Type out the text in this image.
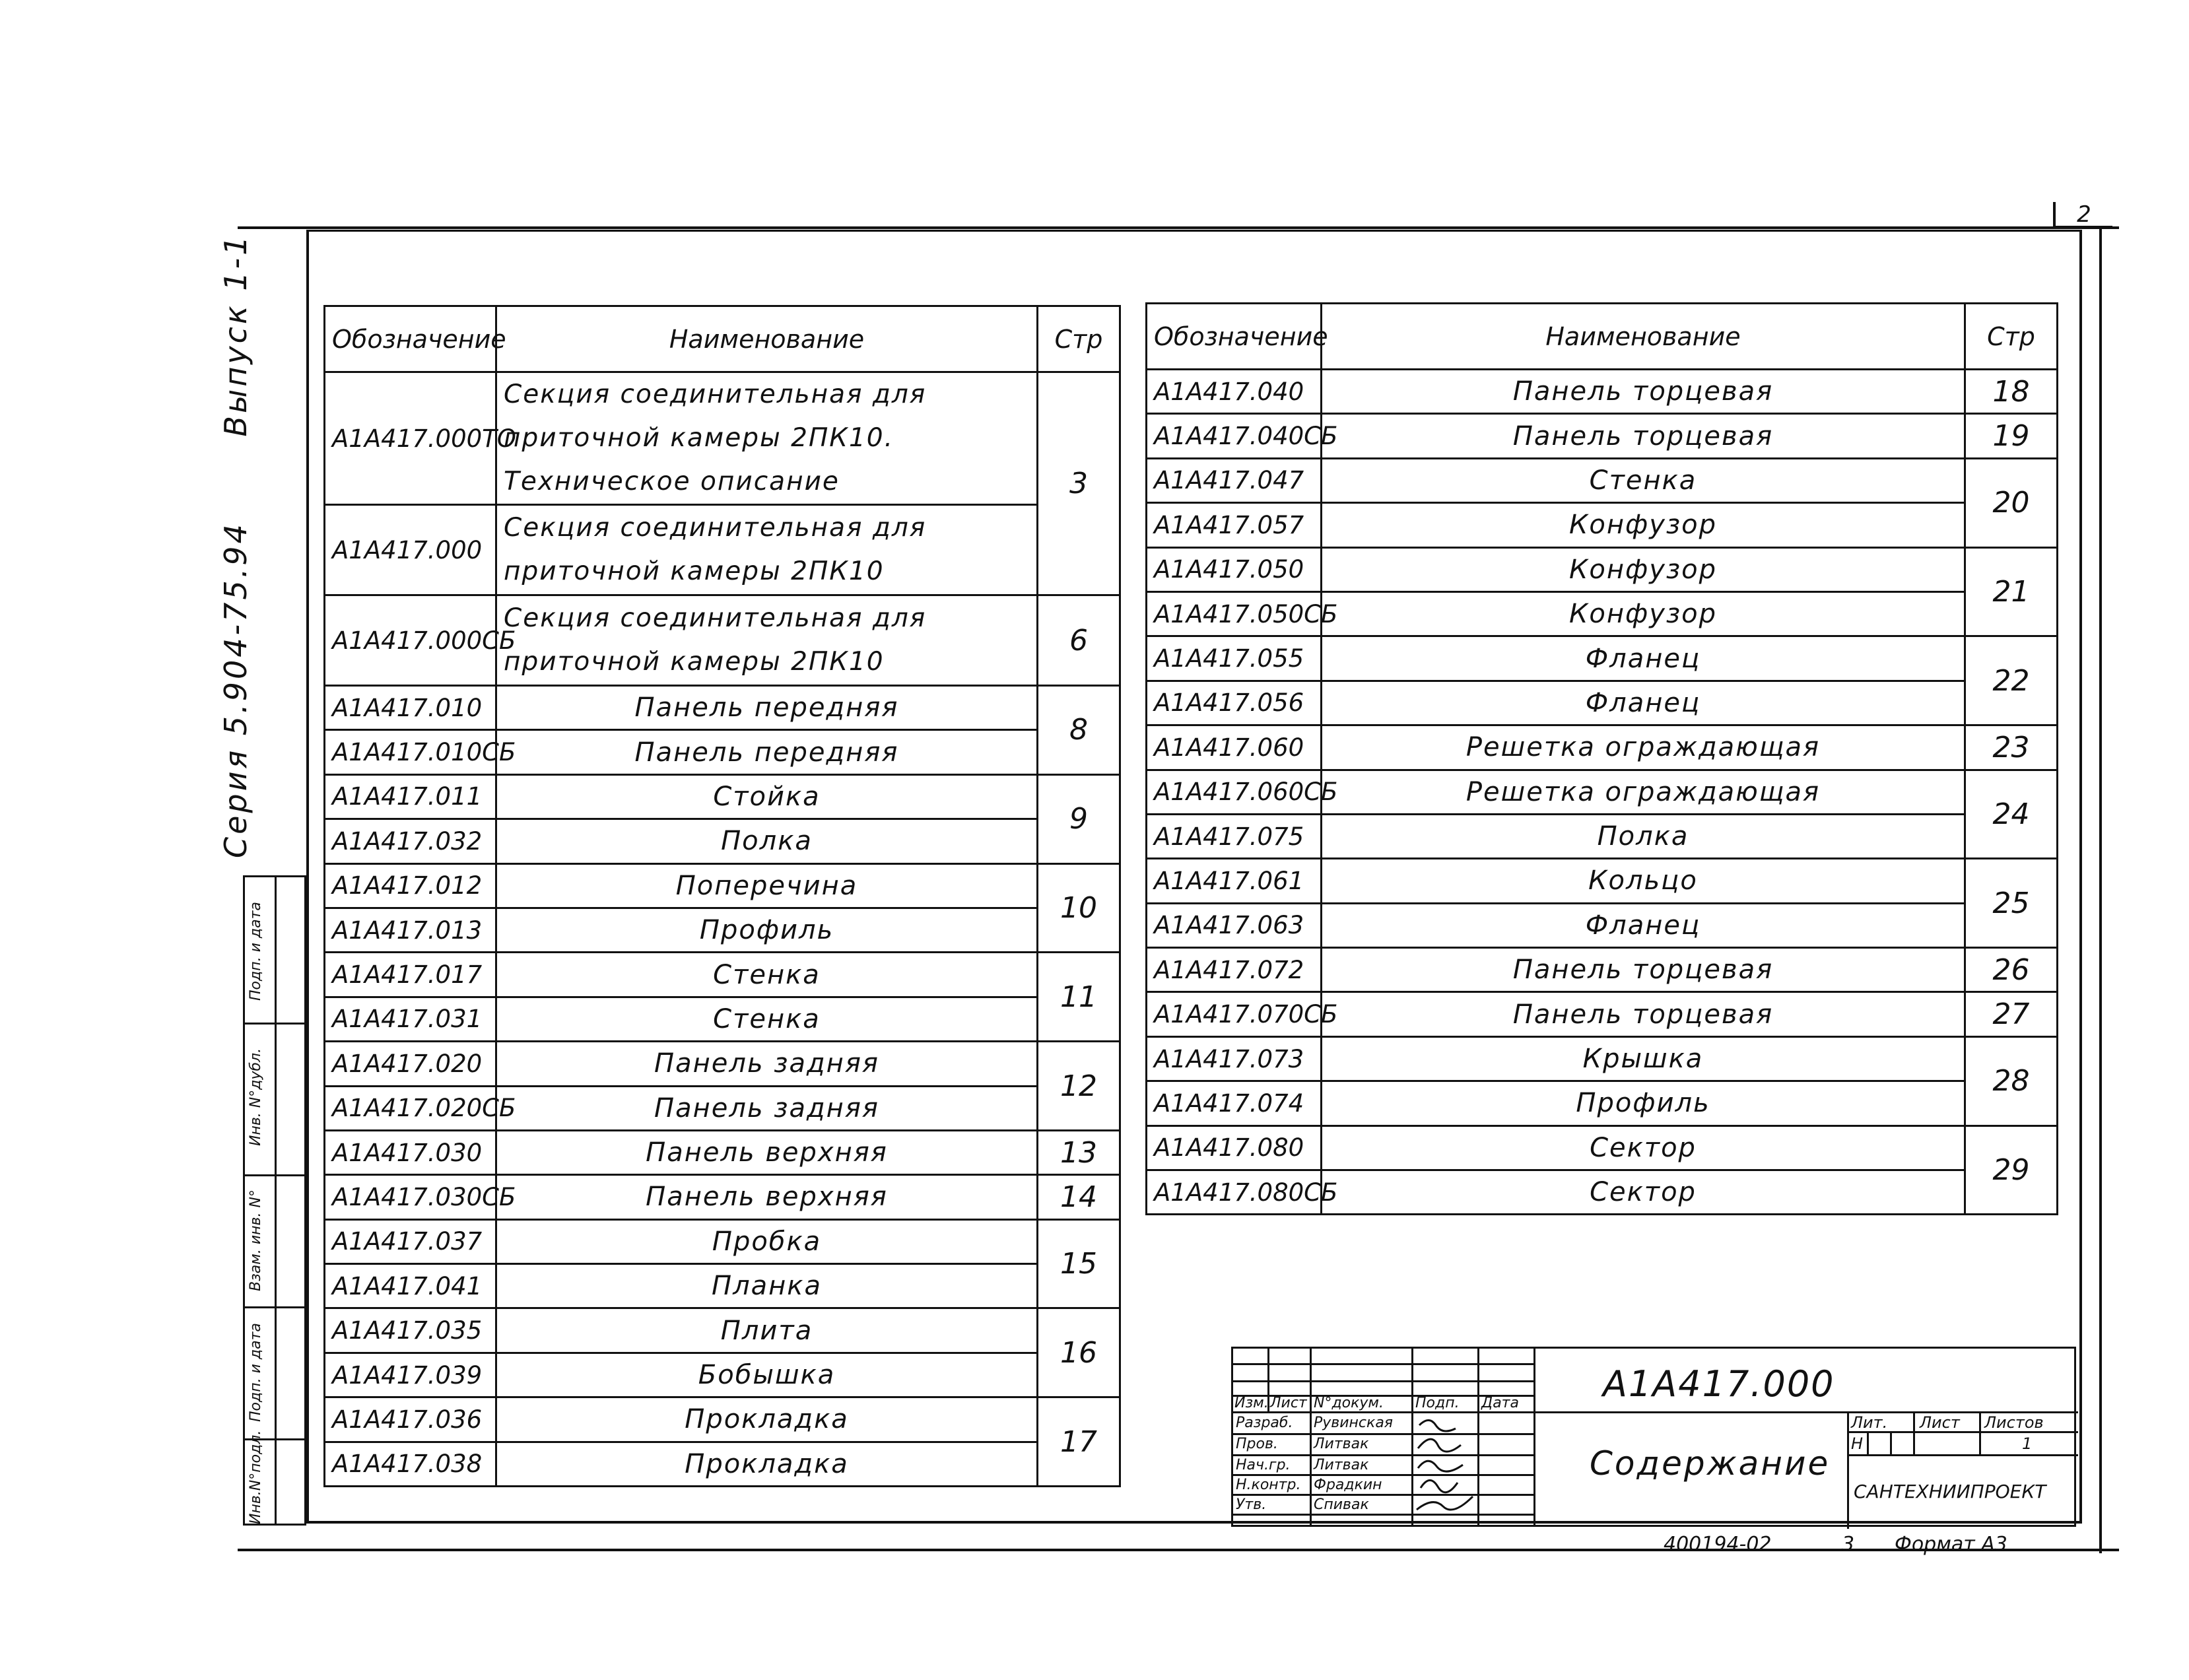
2
Серия 5.904-75.94 Выпуск 1-1
Инв.N°подл.
Подп. и дата
Взам. инв. N°
Инв. N°дубл.
Подп. и дата
Обозначение	Наименование	Стр
А1А417.000ТО	Секция соединительная для приточной камеры 2ПК10. Техническое описание	3
А1А417.000	Секция соединительная для приточной камеры 2ПК10	
А1А417.000СБ	Секция соединительная для приточной камеры 2ПК10	6
А1А417.010	Панель передняя	8
А1А417.010СБ	Панель передняя	
А1А417.011	Стойка	9
А1А417.032	Полка	
А1А417.012	Поперечина	10
А1А417.013	Профиль	
А1А417.017	Стенка	11
А1А417.031	Стенка	
А1А417.020	Панель задняя	12
А1А417.020СБ	Панель задняя	
А1А417.030	Панель верхняя	13
А1А417.030СБ	Панель верхняя	14
А1А417.037	Пробка	15
А1А417.041	Планка	
А1А417.035	Плита	16
А1А417.039	Бобышка	
А1А417.036	Прокладка	17
А1А417.038	Прокладка	
Обозначение	Наименование	Стр
А1А417.040	Панель торцевая	18
А1А417.040СБ	Панель торцевая	19
А1А417.047	Стенка	20
А1А417.057	Конфузор	
А1А417.050	Конфузор	21
А1А417.050СБ	Конфузор	
А1А417.055	Фланец	22
А1А417.056	Фланец	
А1А417.060	Решетка ограждающая	23
А1А417.060СБ	Решетка ограждающая	24
А1А417.075	Полка	
А1А417.061	Кольцо	25
А1А417.063	Фланец	
А1А417.072	Панель торцевая	26
А1А417.070СБ	Панель торцевая	27
А1А417.073	Крышка	28
А1А417.074	Профиль	
А1А417.080	Сектор	29
А1А417.080СБ	Сектор	
Изм. Лист N°докум. Подп. Дата
Разраб. Рувинская
Пров. Литвак
Нач.гр. Литвак
Н.контр. Фрадкин
Утв.	Спивак
А1А417.000
Содержание
Лит. Лист Листов
Н	1
САНТЕХНИИПРОЕКТ
400194-02	3 Формат А3
